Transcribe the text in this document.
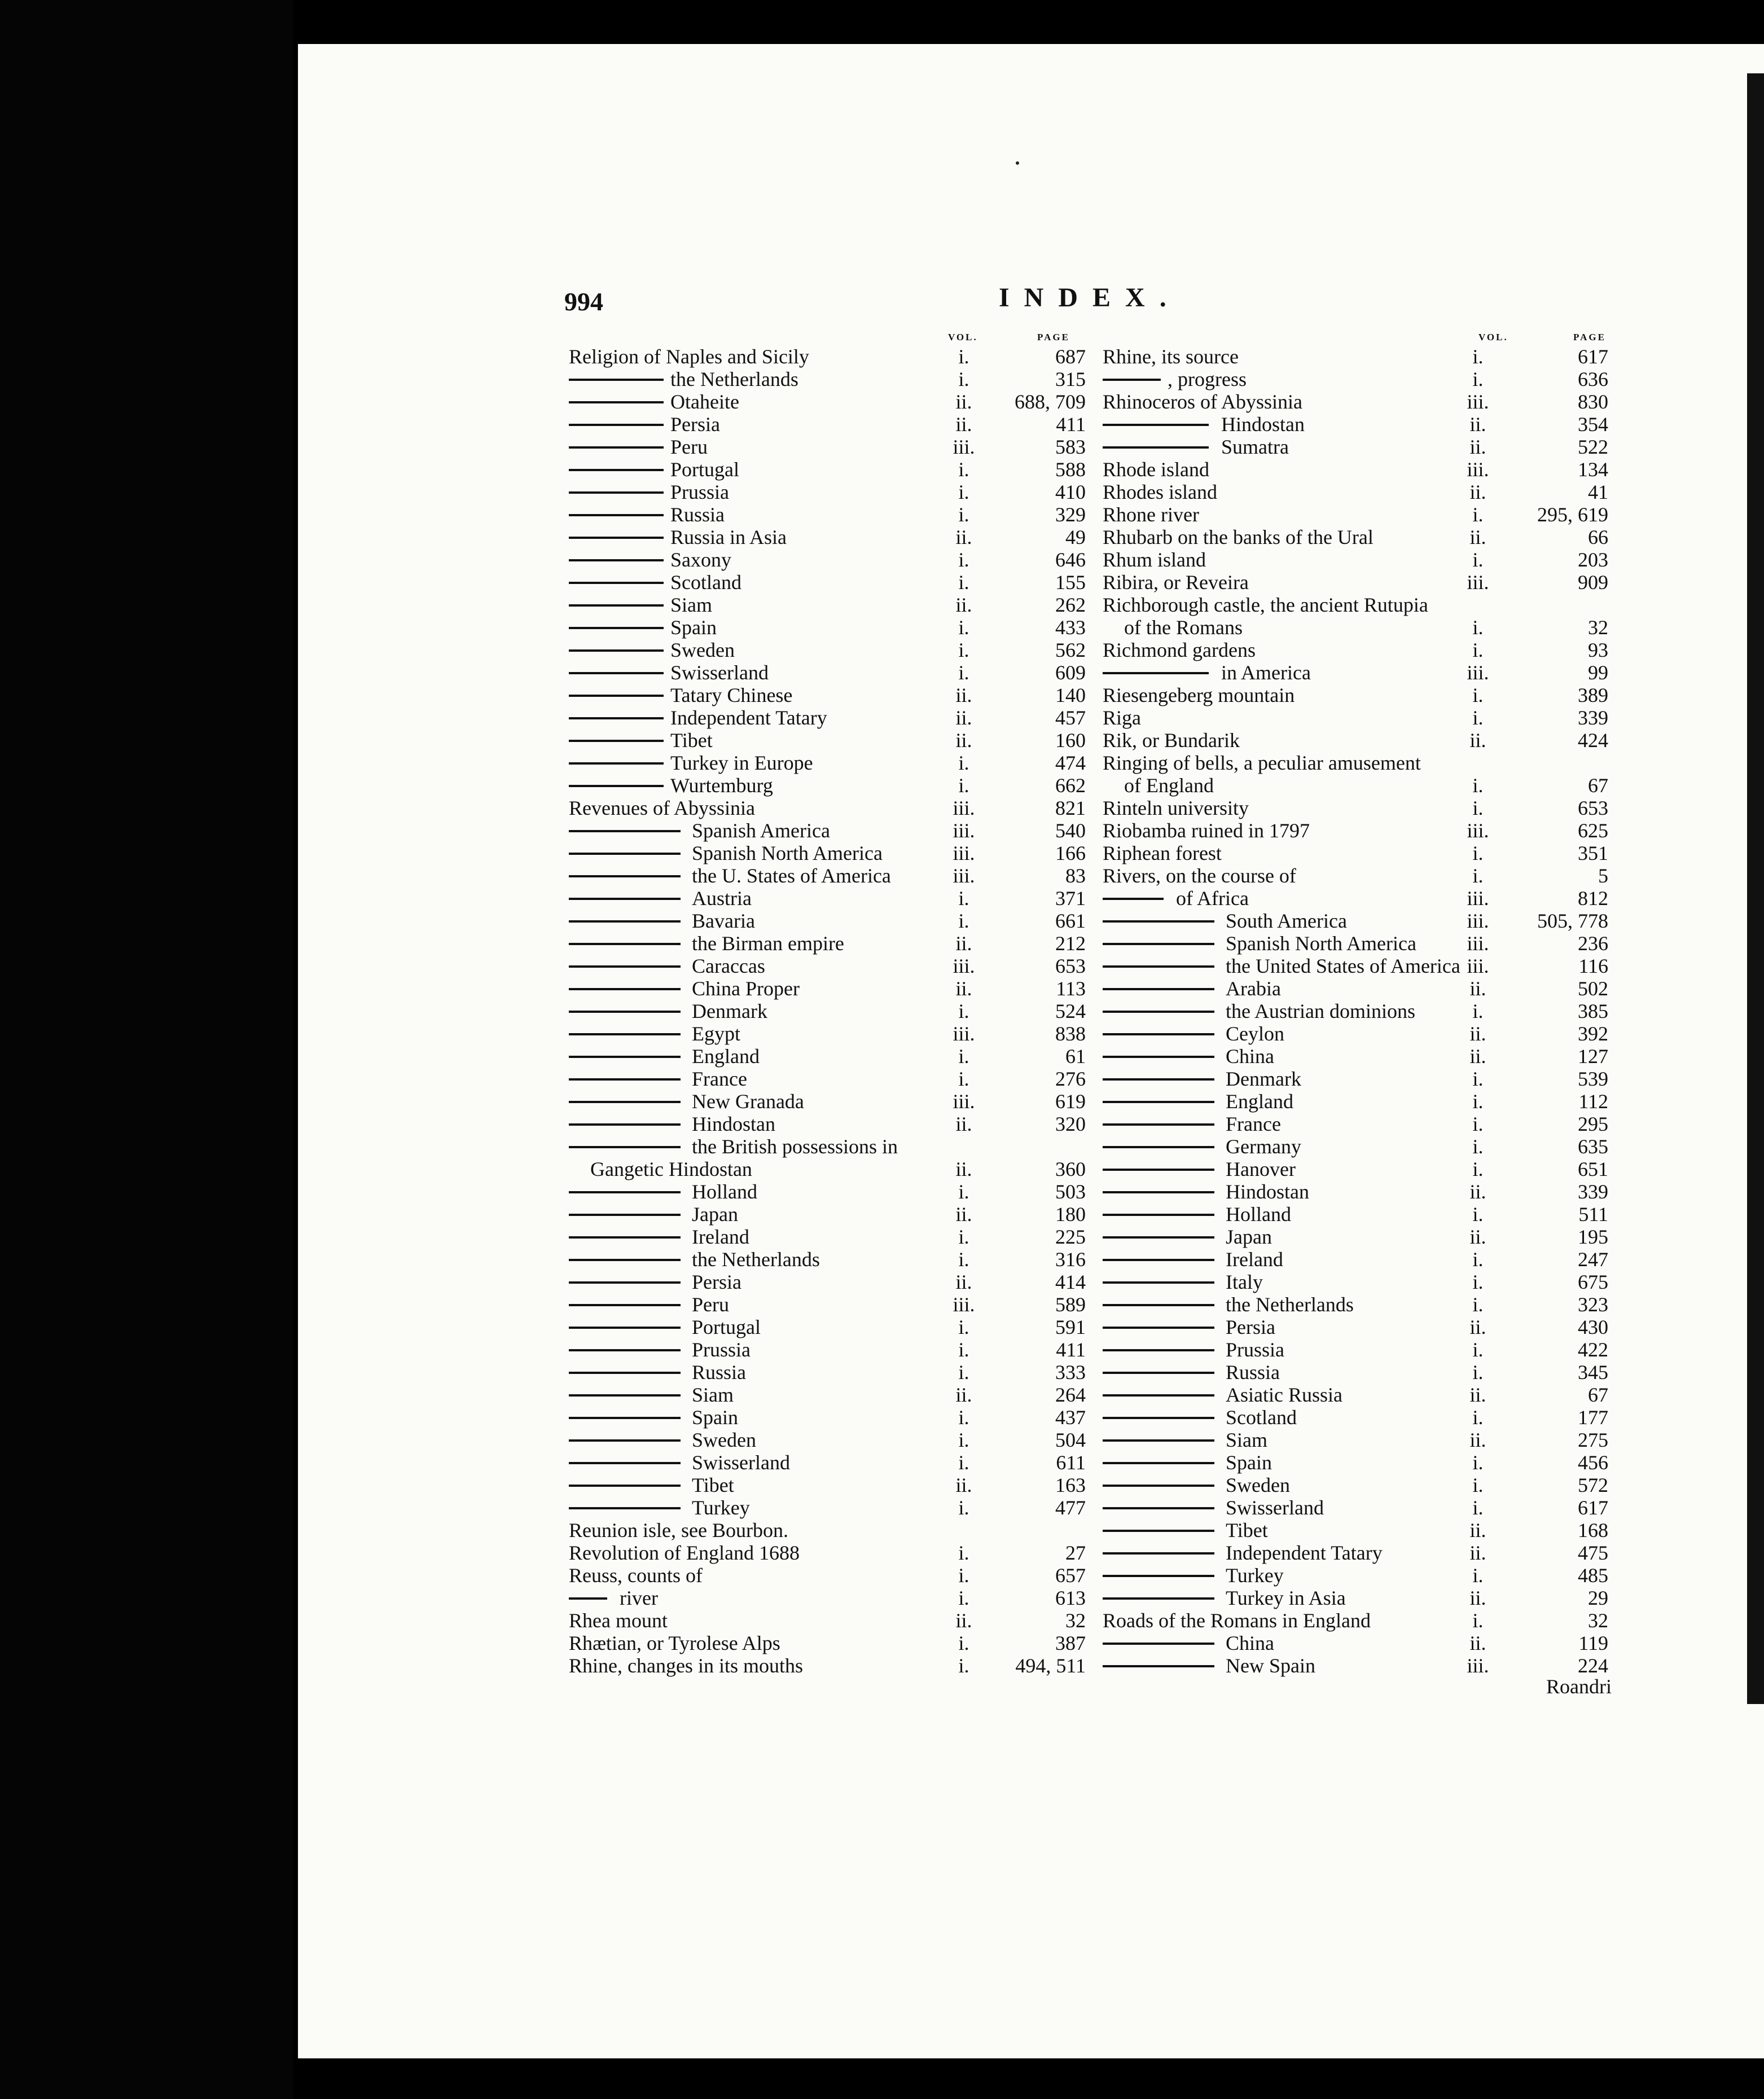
994	INDEX.
VOL.	PAGE	VOL.	PAGE
Religion of Naples and Sicily	i.	687
the Netherlands	i.	315
Otaheite	ii.	688, 709
Persia	ii.	411
Peru	iii.	583
Portugal	i.	588
Prussia	i.	410
Russia	i.	329
Russia in Asia	ii.	49
Saxony	i.	646
Scotland	i.	155
Siam	ii.	262
Spain	i.	433
Sweden	i.	562
Swisserland	i.	609
Tatary Chinese	ii.	140
Independent Tatary	ii.	457
Tibet	ii.	160
Turkey in Europe	i.	474
Wurtemburg	i.	662
Revenues of Abyssinia	iii.	821
Spanish America	iii.	540
Spanish North America	iii.	166
the U. States of America	iii.	83
Austria	i.	371
Bavaria	i.	661
the Birman empire	ii.	212
Caraccas	iii.	653
China Proper	ii.	113
Denmark	i.	524
Egypt	iii.	838
England	i.	61
France	i.	276
New Granada	iii.	619
Hindostan	ii.	320
the British possessions in
Gangetic Hindostan	ii.	360
Holland	i.	503
Japan	ii.	180
Ireland	i.	225
the Netherlands	i.	316
Persia	ii.	414
Peru	iii.	589
Portugal	i.	591
Prussia	i.	411
Russia	i.	333
Siam	ii.	264
Spain	i.	437
Sweden	i.	504
Swisserland	i.	611
Tibet	ii.	163
Turkey	i.	477
Reunion isle, see Bourbon.
Revolution of England 1688	i.	27
Reuss, counts of	i.	657
river	i.	613
Rhea mount	ii.	32
Rhætian, or Tyrolese Alps	i.	387
Rhine, changes in its mouths	i.	494, 511
Rhine, its source	i.	617
, progress	i.	636
Rhinoceros of Abyssinia	iii.	830
Hindostan	ii.	354
Sumatra	ii.	522
Rhode island	iii.	134
Rhodes island	ii.	41
Rhone river	i.	295, 619
Rhubarb on the banks of the Ural	ii.	66
Rhum island	i.	203
Ribira, or Reveira	iii.	909
Richborough castle, the ancient Rutupia
of the Romans	i.	32
Richmond gardens	i.	93
in America	iii.	99
Riesengeberg mountain	i.	389
Riga	i.	339
Rik, or Bundarik	ii.	424
Ringing of bells, a peculiar amusement
of England	i.	67
Rinteln university	i.	653
Riobamba ruined in 1797	iii.	625
Riphean forest	i.	351
Rivers, on the course of	i.	5
of Africa	iii.	812
South America	iii.	505, 778
Spanish North America	iii.	236
the United States of America iii.	116
Arabia	ii.	502
the Austrian dominions	i.	385
Ceylon	ii.	392
China	ii.	127
Denmark	i.	539
England	i.	112
France	i.	295
Germany	i.	635
Hanover	i.	651
Hindostan	ii.	339
Holland	i.	511
Japan	ii.	195
Ireland	i.	247
Italy	i.	675
the Netherlands	i.	323
Persia	ii.	430
Prussia	i.	422
Russia	i.	345
Asiatic Russia	ii.	67
Scotland	i.	177
Siam	ii.	275
Spain	i.	456
Sweden	i.	572
Swisserland	i.	617
Tibet	ii.	168
Independent Tatary	ii.	475
Turkey	i.	485
Turkey in Asia	ii.	29
Roads of the Romans in England	i.	32
China	ii.	119
New Spain	iii.	224
Roandri
